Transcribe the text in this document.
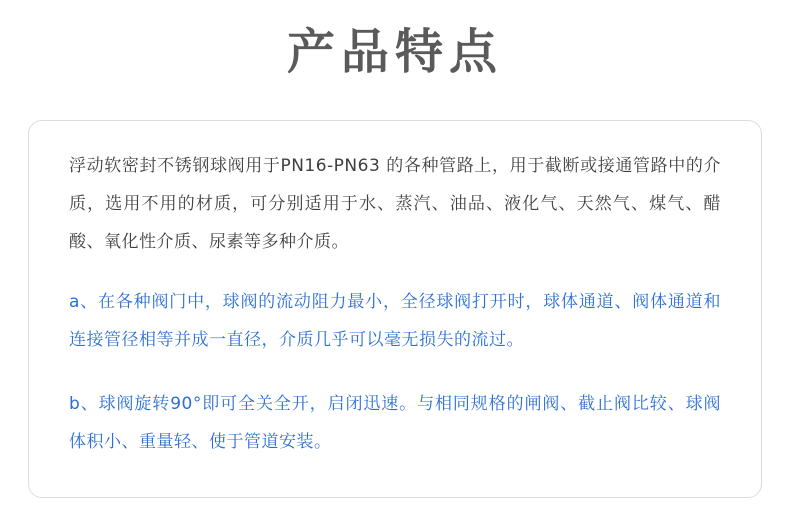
产品特点

浮动软密封不锈钢球阀用于PN16-PN63 的各种管路上，用于截断或接通管路中的介质，选用不用的材质，可分别适用于水、蒸汽、油品、液化气、天然气、煤气、醋酸、氧化性介质、尿素等多种介质。

a、在各种阀门中，球阀的流动阻力最小，全径球阀打开时，球体通道、阀体通道和连接管径相等并成一直径，介质几乎可以毫无损失的流过。

b、球阀旋转90°即可全关全开，启闭迅速。与相同规格的闸阀、截止阀比较、球阀体积小、重量轻、使于管道安装。
